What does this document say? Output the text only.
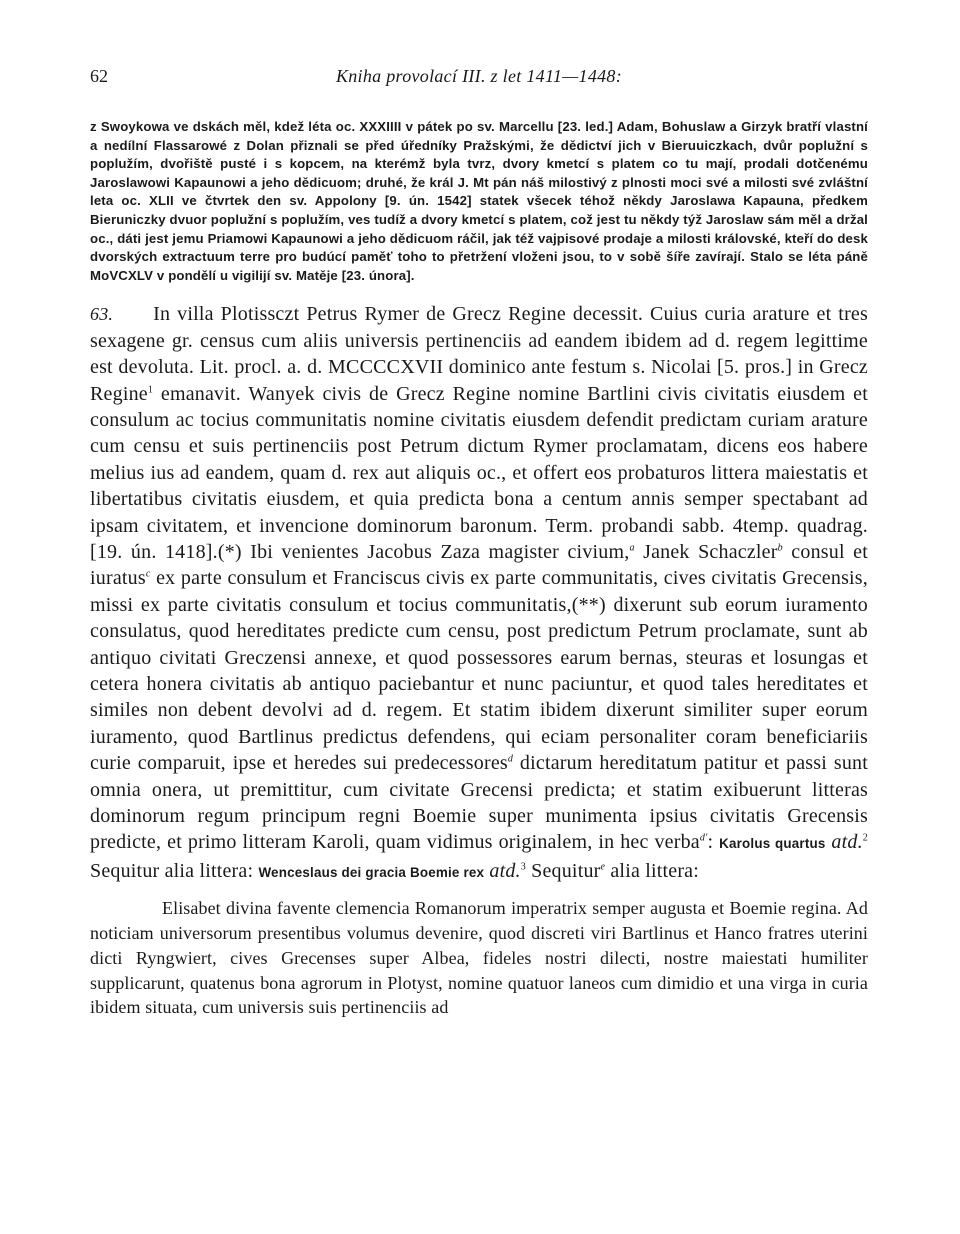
62	Kniha provolací III. z let 1411—1448:
z Swoykowa ve dskách měl, kdež léta oc. XXXIIII v pátek po sv. Marcellu [23. led.] Adam, Bohuslaw a Girzyk bratří vlastní a nedílní Flassarowé z Dolan přiznali se před úředníky Pražskými, že dědictví jich v Bieruuiczkach, dvůr poplužní s poplužím, dvořiště pusté i s kopcem, na kterémž byla tvrz, dvory kmetcí s platem co tu mají, prodali dotčenému Jaroslawowi Kapaunowi a jeho dědicuom; druhé, že král J. Mt pán náš milostivý z plnosti moci své a milosti své zvláštní leta oc. XLII ve čtvrtek den sv. Appolony [9. ún. 1542] statek všecek téhož někdy Jaroslawa Kapauna, předkem Bieruniczky dvuor poplužní s poplužím, ves tudíž a dvory kmetcí s platem, což jest tu někdy týž Jaroslaw sám měl a držal oc., dáti jest jemu Priamowi Kapaunowi a jeho dědicuom ráčil, jak též vajpisové prodaje a milosti královské, kteří do desk dvorských extractuum terre pro budúcí paměť toho to přetržení vloženi jsou, to v sobě šíře zavírají. Stalo se léta páně MoVCXLV v pondělí u vigilijí sv. Matěje [23. února].
63. In villa Plotissczt Petrus Rymer de Grecz Regine decessit. Cuius curia arature et tres sexagene gr. census cum aliis universis pertinenciis ad eandem ibidem ad d. regem legittime est devoluta. Lit. procl. a. d. MCCCCXVII dominico ante festum s. Nicolai [5. pros.] in Grecz Regine$^1$ emanavit. Wanyek civis de Grecz Regine nomine Bartlini civis civitatis eiusdem et consulum ac tocius communitatis nomine civitatis eiusdem defendit predictam curiam arature cum censu et suis pertinenciis post Petrum dictum Rymer proclamatam, dicens eos habere melius ius ad eandem, quam d. rex aut aliquis oc., et offert eos probaturos littera maiestatis et libertatibus civitatis eiusdem, et quia predicta bona a centum annis semper spectabant ad ipsam civitatem, et invencione dominorum baronum. Term. probandi sabb. 4temp. quadrag. [19. ún. 1418].(*) Ibi venientes Jacobus Zaza magister civium,$^a$ Janek Schaczler$^b$ consul et iuratus$^c$ ex parte consulum et Franciscus civis ex parte communitatis, cives civitatis Grecensis, missi ex parte civitatis consulum et tocius communitatis,(**) dixerunt sub eorum iuramento consulatus, quod hereditates predicte cum censu, post predictum Petrum proclamate, sunt ab antiquo civitati Greczensi annexe, et quod possessores earum bernas, steuras et losungas et cetera honera civitatis ab antiquo paciebantur et nunc paciuntur, et quod tales hereditates et similes non debent devolvi ad d. regem. Et statim ibidem dixerunt similiter super eorum iuramento, quod Bartlinus predictus defendens, qui eciam personaliter coram beneficiariis curie comparuit, ipse et heredes sui predecessores$^d$ dictarum hereditatum patitur et passi sunt omnia onera, ut premittitur, cum civitate Grecensi predicta; et statim exibuerunt litteras dominorum regum principum regni Boemie super munimenta ipsius civitatis Grecensis predicte, et primo litteram Karoli, quam vidimus originalem, in hec verba$^{d'}$: Karolus quartus atd.$^2$ Sequitur alia littera: Wenceslaus dei gracia Boemie rex atd.$^3$ Sequitur$^e$ alia littera:
Elisabet divina favente clemencia Romanorum imperatrix semper augusta et Boemie regina. Ad noticiam universorum presentibus volumus devenire, quod discreti viri Bartlinus et Hanco fratres uterini dicti Ryngwiert, cives Grecenses super Albea, fideles nostri dilecti, nostre maiestati humiliter supplicarunt, quatenus bona agrorum in Plotyst, nomine quatuor laneos cum dimidio et una virga in curia ibidem situata, cum universis suis pertinenciis ad
